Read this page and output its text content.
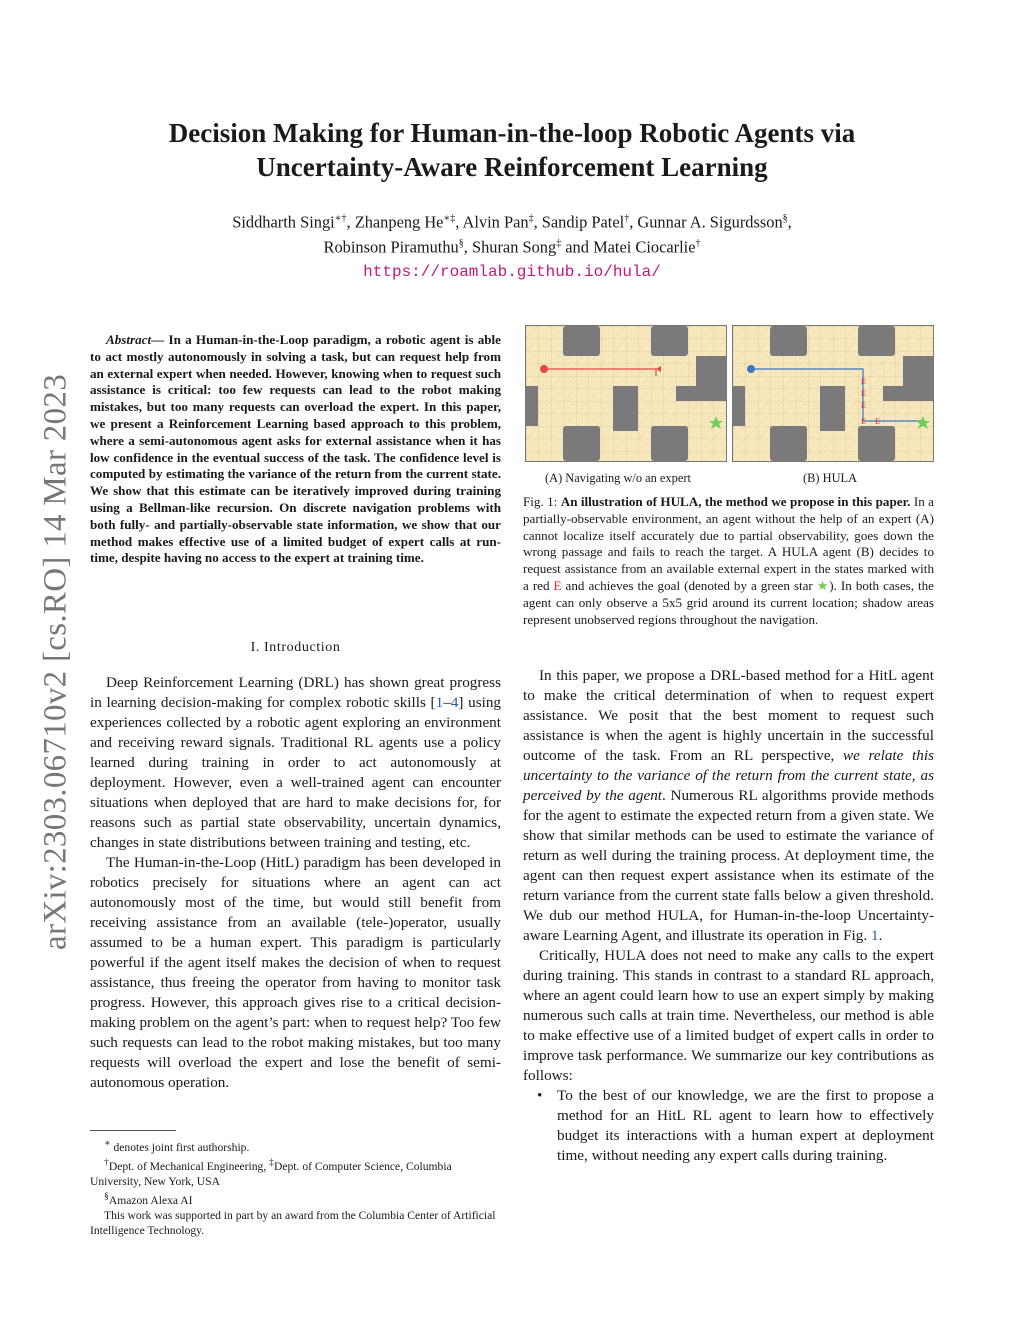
arXiv:2303.06710v2 [cs.RO] 14 Mar 2023
Decision Making for Human-in-the-loop Robotic Agents via
Uncertainty-Aware Reinforcement Learning
Siddharth Singi∗†, Zhanpeng He∗‡, Alvin Pan‡, Sandip Patel†, Gunnar A. Sigurdsson§,
Robinson Piramuthu§, Shuran Song‡ and Matei Ciocarlie†
https://roamlab.github.io/hula/

Abstract— In a Human-in-the-Loop paradigm, a robotic agent is able to act mostly autonomously in solving a task, but can request help from an external expert when needed. However, knowing when to request such assistance is critical: too few requests can lead to the robot making mistakes, but too many requests can overload the expert. In this paper, we present a Reinforcement Learning based approach to this problem, where a semi-autonomous agent asks for external assistance when it has low confidence in the eventual success of the task. The confidence level is computed by estimating the variance of the return from the current state. We show that this estimate can be iteratively improved during training using a Bellman-like recursion. On discrete navigation problems with both fully- and partially-observable state information, we show that our method makes effective use of a limited budget of expert calls at run-time, despite having no access to the expert at training time.

I. Introduction

Deep Reinforcement Learning (DRL) has shown great progress in learning decision-making for complex robotic skills [1–4] using experiences collected by a robotic agent exploring an environment and receiving reward signals. Traditional RL agents use a policy learned during training in order to act autonomously at deployment. However, even a well-trained agent can encounter situations when deployed that are hard to make decisions for, for reasons such as partial state observability, uncertain dynamics, changes in state distributions between training and testing, etc.

The Human-in-the-Loop (HitL) paradigm has been developed in robotics precisely for situations where an agent can act autonomously most of the time, but would still benefit from receiving assistance from an available (tele-)operator, usually assumed to be a human expert. This paradigm is particularly powerful if the agent itself makes the decision of when to request assistance, thus freeing the operator from having to monitor task progress. However, this approach gives rise to a critical decision-making problem on the agent’s part: when to request help? Too few such requests can lead to the robot making mistakes, but too many requests will overload the expert and lose the benefit of semi-autonomous operation.

∗ denotes joint first authorship.

†Dept. of Mechanical Engineering, ‡Dept. of Computer Science, Columbia University, New York, USA

§Amazon Alexa AI

This work was supported in part by an award from the Columbia Center of Artificial Intelligence Technology.

E
E
E
E E
(A) Navigating w/o an expert	(B) HULA

Fig. 1: An illustration of HULA, the method we propose in this paper. In a partially-observable environment, an agent without the help of an expert (A) cannot localize itself accurately due to partial observability, goes down the wrong passage and fails to reach the target. A HULA agent (B) decides to request assistance from an available external expert in the states marked with a red E and achieves the goal (denoted by a green star ★). In both cases, the agent can only observe a 5x5 grid around its current location; shadow areas represent unobserved regions throughout the navigation.

In this paper, we propose a DRL-based method for a HitL agent to make the critical determination of when to request expert assistance. We posit that the best moment to request such assistance is when the agent is highly uncertain in the successful outcome of the task. From an RL perspective, we relate this uncertainty to the variance of the return from the current state, as perceived by the agent. Numerous RL algorithms provide methods for the agent to estimate the expected return from a given state. We show that similar methods can be used to estimate the variance of return as well during the training process. At deployment time, the agent can then request expert assistance when its estimate of the return variance from the current state falls below a given threshold. We dub our method HULA, for Human-in-the-loop Uncertainty-aware Learning Agent, and illustrate its operation in Fig. 1.

Critically, HULA does not need to make any calls to the expert during training. This stands in contrast to a standard RL approach, where an agent could learn how to use an expert simply by making numerous such calls at train time. Nevertheless, our method is able to make effective use of a limited budget of expert calls in order to improve task performance. We summarize our key contributions as follows:

• To the best of our knowledge, we are the first to propose a method for an HitL RL agent to learn how to effectively budget its interactions with a human expert at deployment time, without needing any expert calls during training.
